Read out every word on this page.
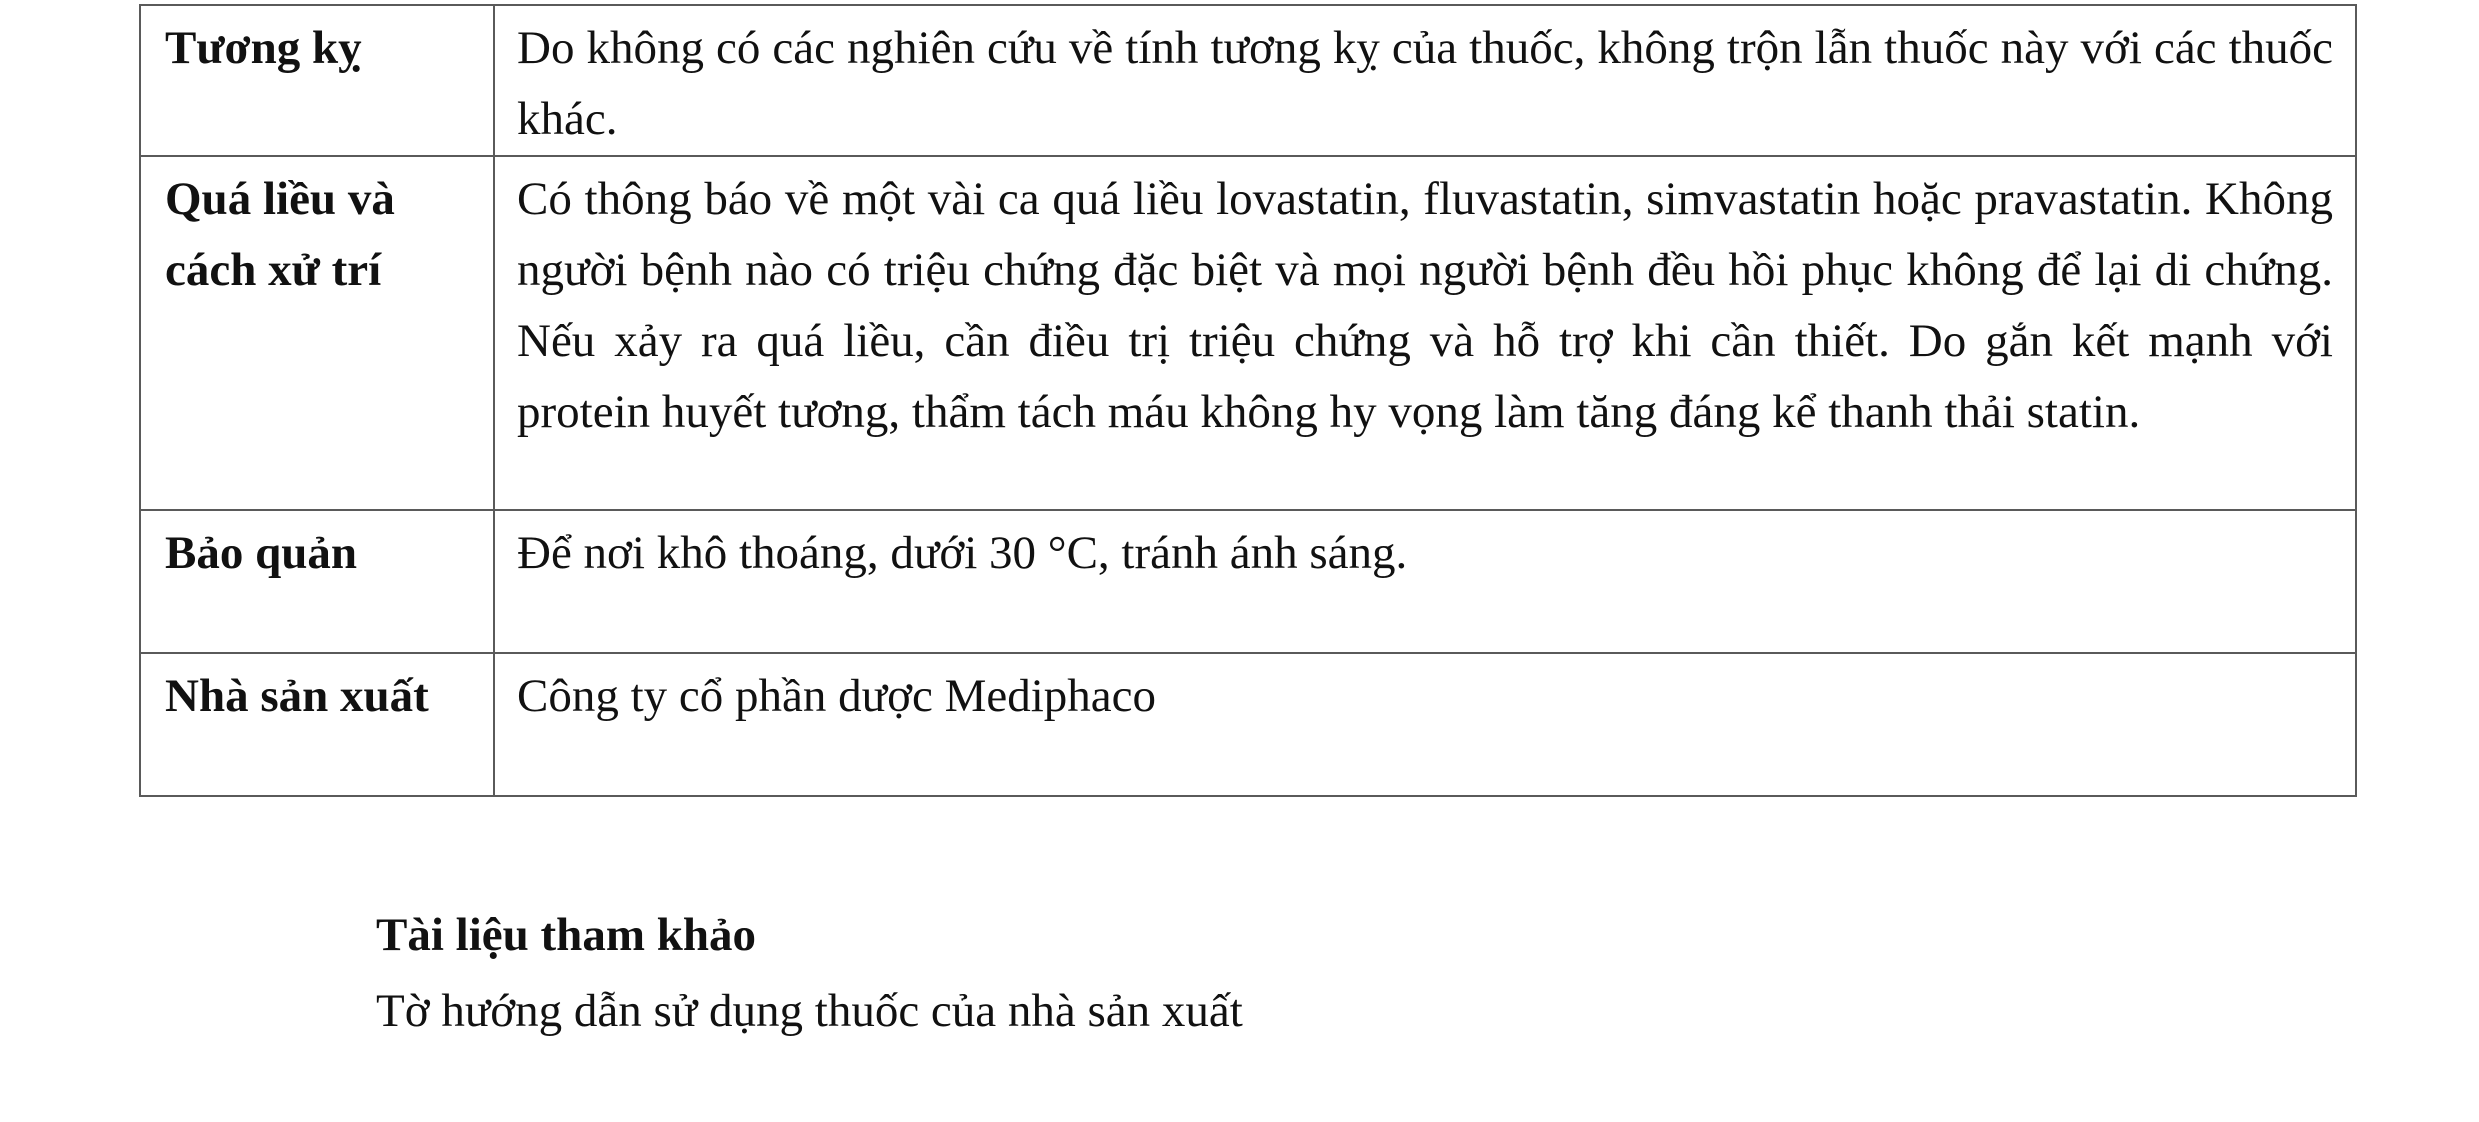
Tương kỵ	Do không có các nghiên cứu về tính tương kỵ của thuốc, không trộn lẫn thuốc này với các thuốc khác.
Quá liều và cách xử trí	Có thông báo về một vài ca quá liều lovastatin, fluvastatin, simvastatin hoặc pravastatin. Không người bệnh nào có triệu chứng đặc biệt và mọi người bệnh đều hồi phục không để lại di chứng. Nếu xảy ra quá liều, cần điều trị triệu chứng và hỗ trợ khi cần thiết. Do gắn kết mạnh với protein huyết tương, thẩm tách máu không hy vọng làm tăng đáng kể thanh thải statin.
Bảo quản	Để nơi khô thoáng, dưới 30 °C, tránh ánh sáng.
Nhà sản xuất	Công ty cổ phần dược Mediphaco
Tài liệu tham khảo
Tờ hướng dẫn sử dụng thuốc của nhà sản xuất
